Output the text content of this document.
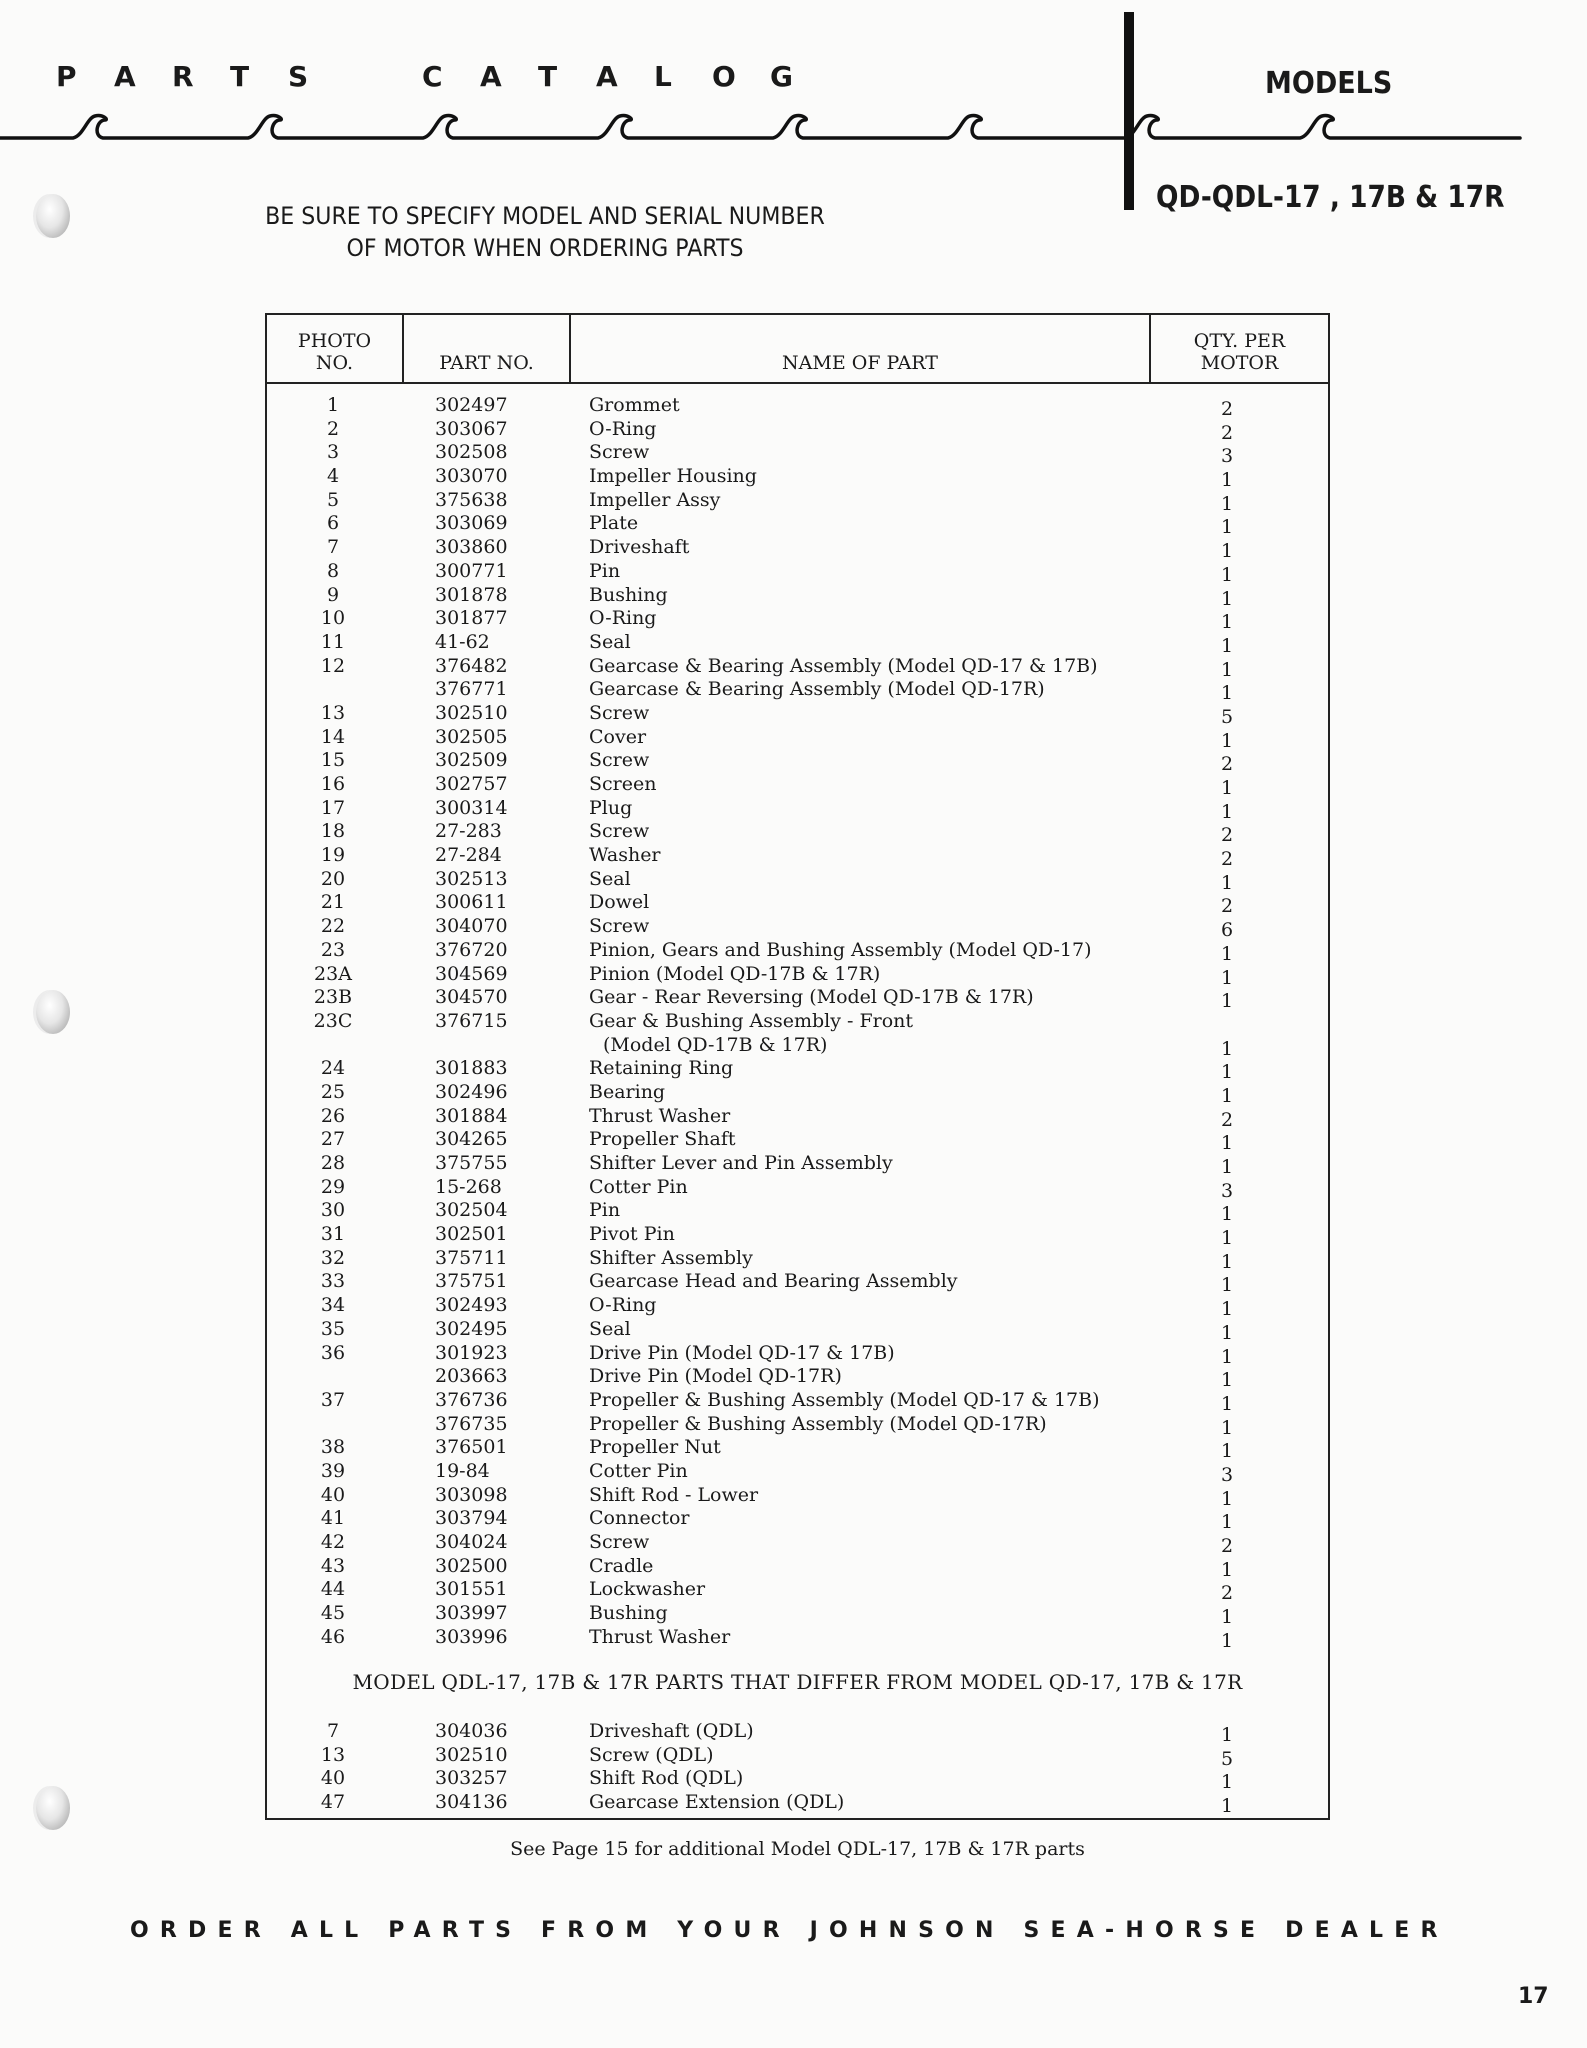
P	A	R	T	S
	C	A	T	A	L	O	G	MODELS
QD-QDL-17 , 17B & 17R
BE SURE TO SPECIFY MODEL AND SERIAL NUMBER
OF MOTOR WHEN ORDERING PARTS
PHOTO
NO.	PART NO.	NAME OF PART
QTY. PER
MOTOR
1	302497	Grommet	2
2	303067	O-Ring	2
3	302508	Screw	3
4	303070	Impeller Housing	1
5	375638	Impeller Assy	1
6	303069	Plate	1
7	303860	Driveshaft	1
8	300771	Pin	1
9	301878	Bushing	1
10	301877	O-Ring	1
11	41-62	Seal	1
12	376482	Gearcase & Bearing Assembly (Model QD-17 & 17B)	1
376771	Gearcase & Bearing Assembly (Model QD-17R)	1
13	302510	Screw	5
14	302505	Cover	1
15	302509	Screw	2
16	302757	Screen	1
17	300314	Plug	1
18	27-283	Screw	2
19	27-284	Washer	2
20	302513	Seal	1
21	300611	Dowel	2
22	304070	Screw	6
23	376720	Pinion, Gears and Bushing Assembly (Model QD-17)	1
23A	304569	Pinion (Model QD-17B & 17R)	1
23B	304570	Gear - Rear Reversing (Model QD-17B & 17R)	1
23C	376715	Gear & Bushing Assembly - Front
(Model QD-17B & 17R)	1
24	301883	Retaining Ring	1
25	302496	Bearing	1
26	301884	Thrust Washer	2
27	304265	Propeller Shaft	1
28	375755	Shifter Lever and Pin Assembly	1
29	15-268	Cotter Pin	3
30	302504	Pin	1
31	302501	Pivot Pin	1
32	375711	Shifter Assembly	1
33	375751	Gearcase Head and Bearing Assembly	1
34	302493	O-Ring	1
35	302495	Seal	1
36	301923	Drive Pin (Model QD-17 & 17B)	1
203663	Drive Pin (Model QD-17R)	1
37	376736	Propeller & Bushing Assembly (Model QD-17 & 17B)	1
376735	Propeller & Bushing Assembly (Model QD-17R)	1
38	376501	Propeller Nut	1
39	19-84	Cotter Pin	3
40	303098	Shift Rod - Lower	1
41	303794	Connector	1
42	304024	Screw	2
43	302500	Cradle	1
44	301551	Lockwasher	2
45	303997	Bushing	1
46	303996	Thrust Washer	1
MODEL QDL-17, 17B & 17R PARTS THAT DIFFER FROM MODEL QD-17, 17B & 17R
7	304036	Driveshaft (QDL)	1
13	302510	Screw (QDL)	5
40	303257	Shift Rod (QDL)	1
47	304136	Gearcase Extension (QDL)	1
See Page 15 for additional Model QDL-17, 17B & 17R parts
ORDER ALL PARTS FROM YOUR JOHNSON SEA-HORSE DEALER
17
